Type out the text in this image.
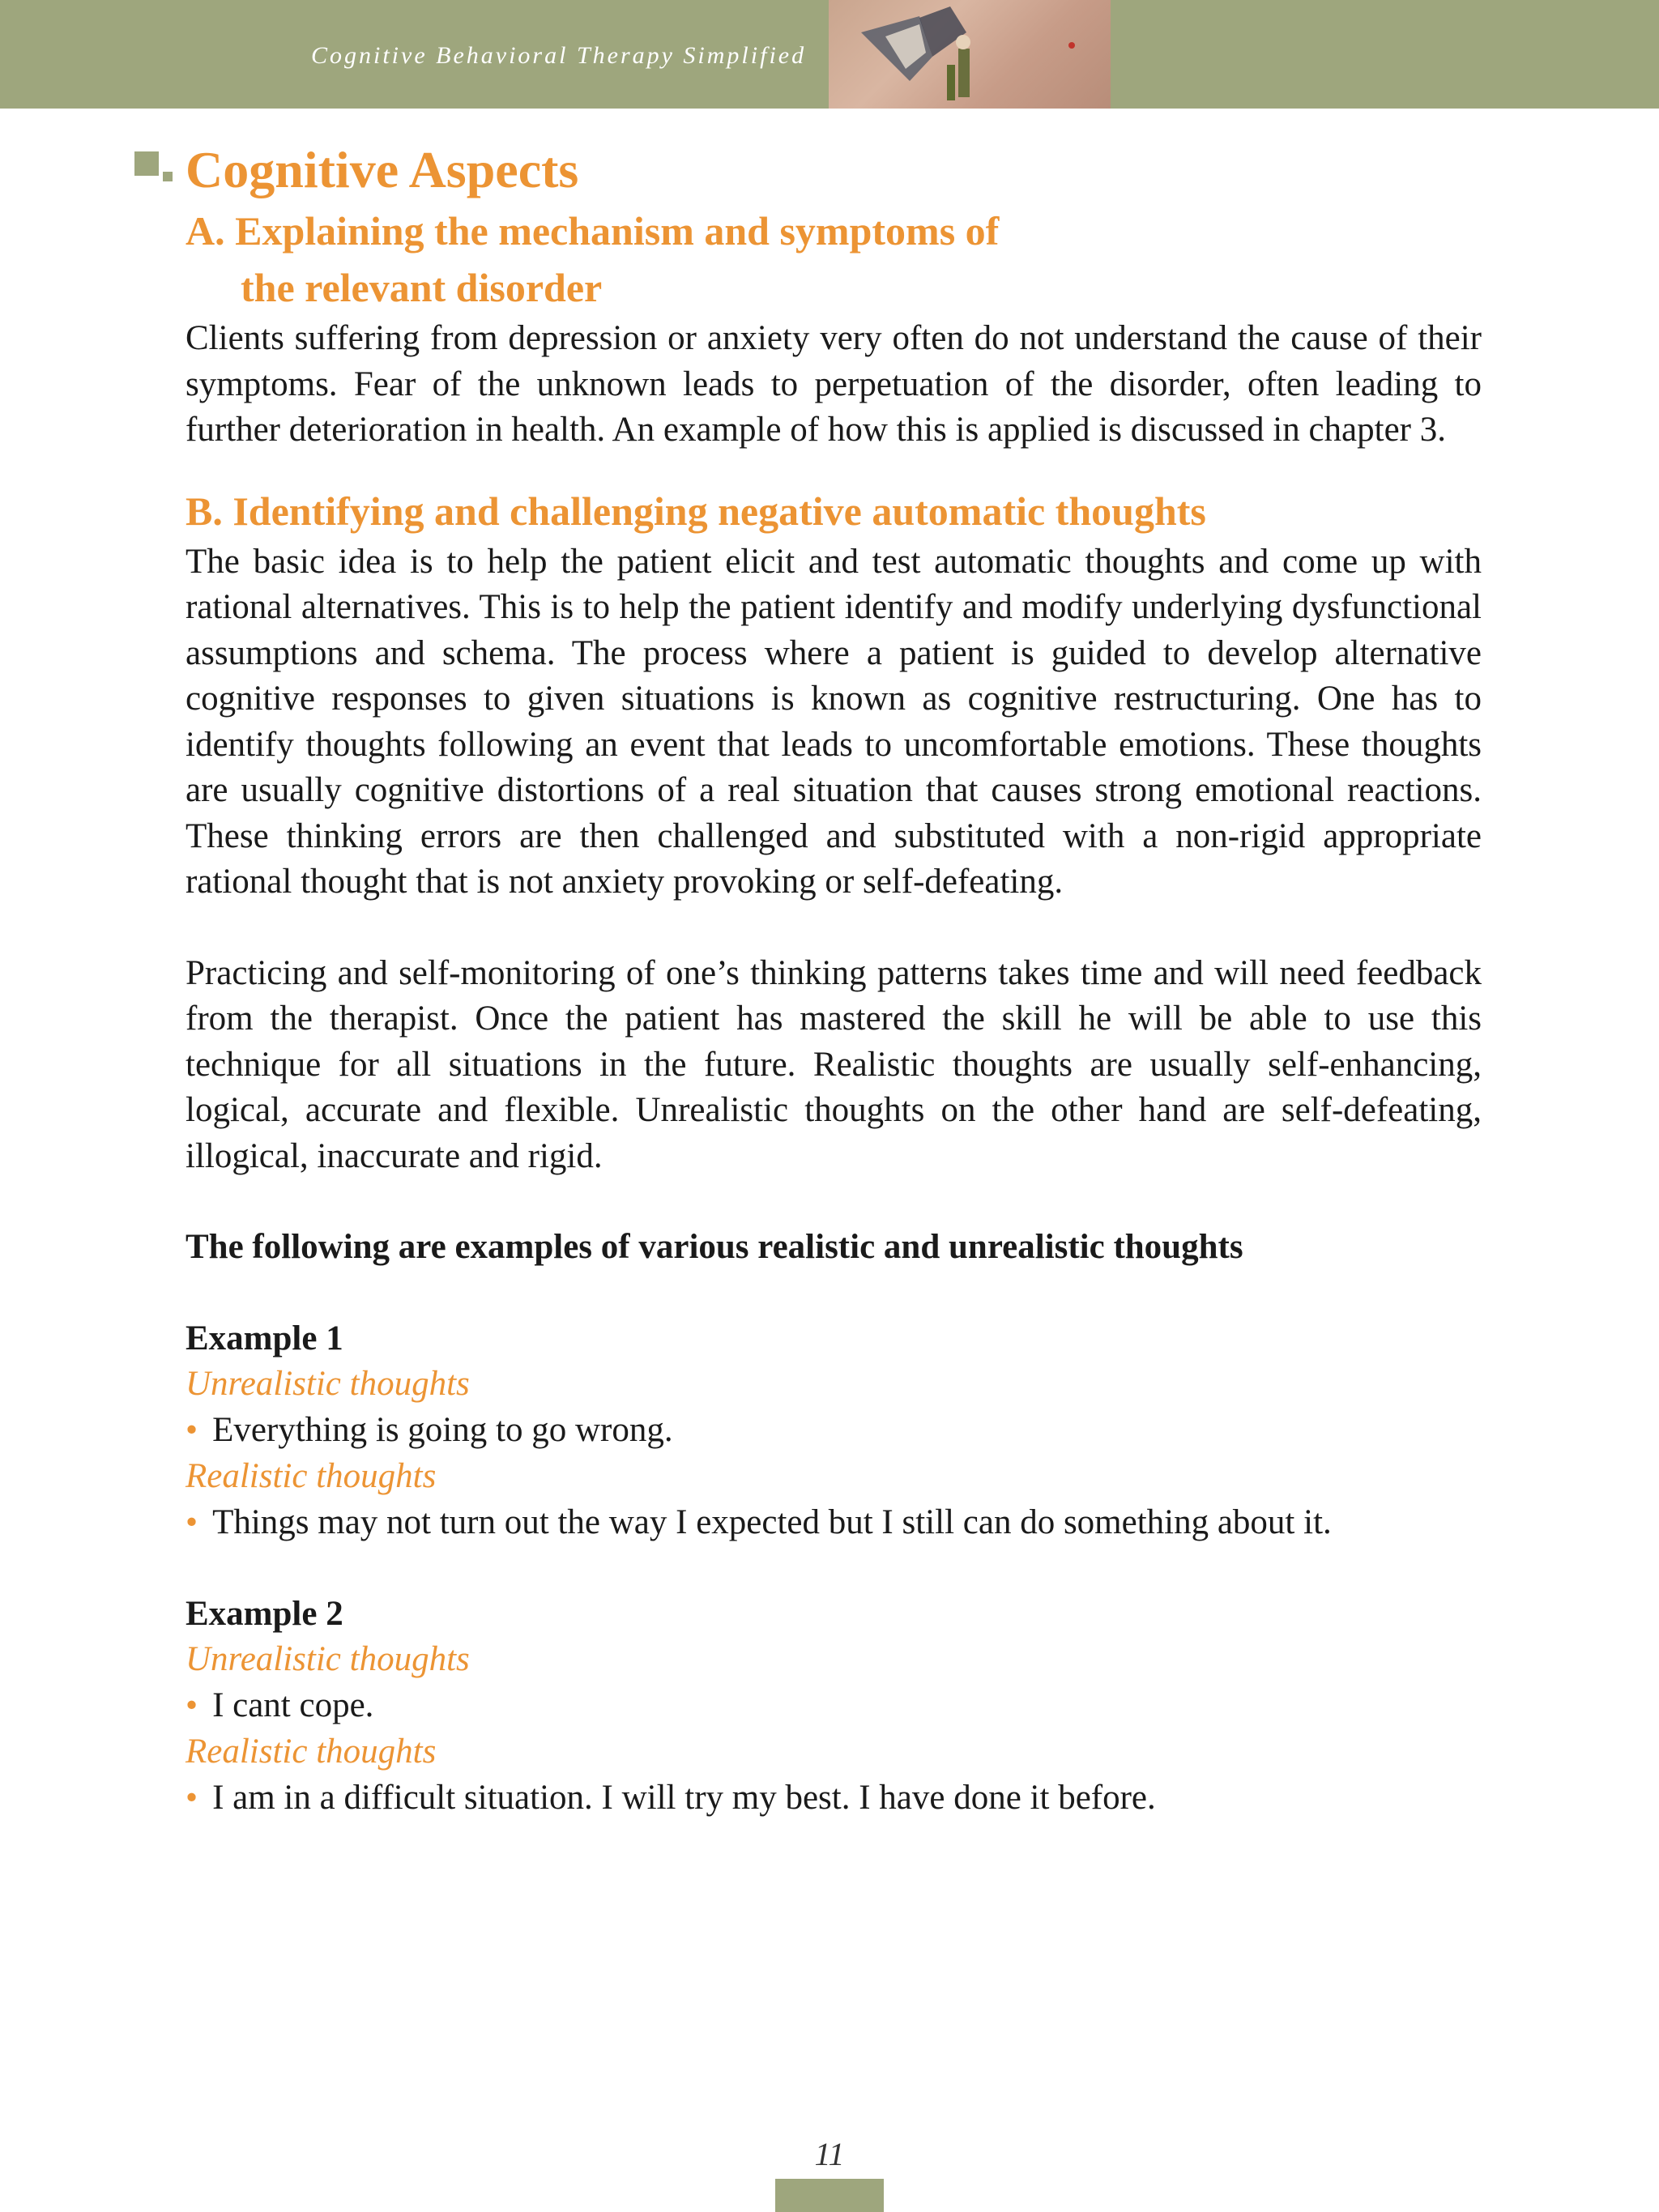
Cognitive Behavioral Therapy Simplified
Cognitive Aspects
A. Explaining the mechanism and symptoms of
the relevant disorder

Clients suffering from depression or anxiety very often do not understand the cause of their symptoms. Fear of the unknown leads to perpetuation of the disorder, often leading to further deterioration in health. An example of how this is applied is discussed in chapter 3.

B. Identifying and challenging negative automatic thoughts

The basic idea is to help the patient elicit and test automatic thoughts and come up with rational alternatives. This is to help the patient identify and modify underlying dysfunctional assumptions and schema. The process where a patient is guided to develop alternative cognitive responses to given situations is known as cognitive restructuring. One has to identify thoughts following an event that leads to uncomfortable emotions. These thoughts are usually cognitive distortions of a real situation that causes strong emotional reactions. These thinking errors are then challenged and substituted with a non-rigid appropriate rational thought that is not anxiety provoking or self-defeating.

Practicing and self-monitoring of one’s thinking patterns takes time and will need feedback from the therapist. Once the patient has mastered the skill he will be able to use this technique for all situations in the future. Realistic thoughts are usually self-enhancing, logical, accurate and flexible. Unrealistic thoughts on the other hand are self-defeating, illogical, inaccurate and rigid.

The following are examples of various realistic and unrealistic thoughts
Example 1
Unrealistic thoughts
• Everything is going to go wrong.
Realistic thoughts
• Things may not turn out the way I expected but I still can do something about it.
Example 2
Unrealistic thoughts
• I cant cope.
Realistic thoughts
• I am in a difficult situation. I will try my best. I have done it before.
11
